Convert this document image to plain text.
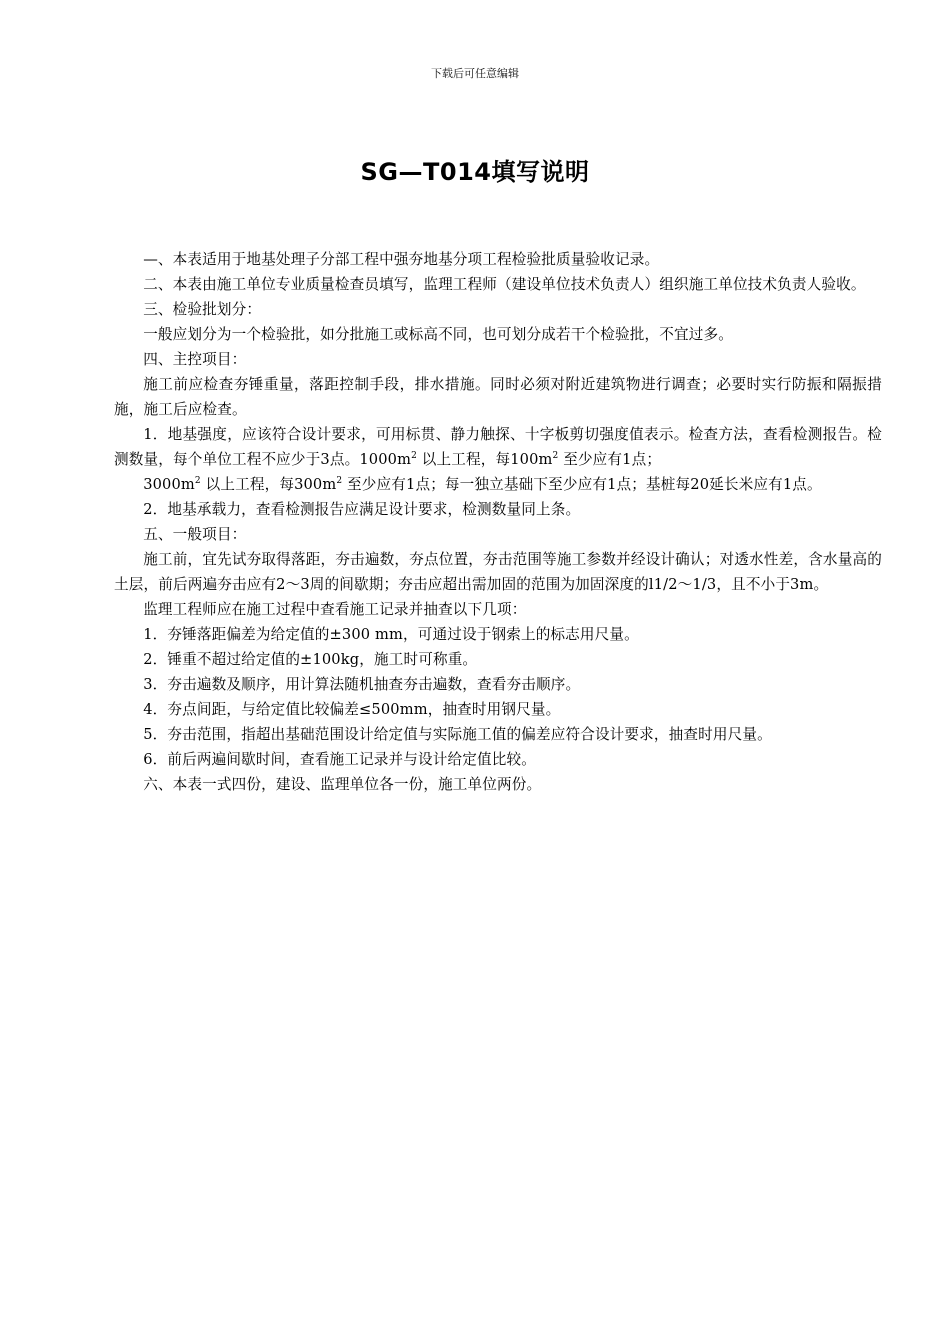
下载后可任意编辑
SG—T014填写说明

—、本表适用于地基处理子分部工程中强夯地基分项工程检验批质量验收记录。

二、本表由施工单位专业质量检查员填写，监理工程师（建设单位技术负责人）组织施工单位技术负责人验收。

三、检验批划分：

一般应划分为一个检验批，如分批施工或标高不同，也可划分成若干个检验批，不宜过多。

四、主控项目：

施工前应检查夯锤重量，落距控制手段，排水措施。同时必须对附近建筑物进行调查；必要时实行防振和隔振措施，施工后应检查。

1．地基强度，应该符合设计要求，可用标贯、静力触探、十字板剪切强度值表示。检查方法，查看检测报告。检测数量，每个单位工程不应少于3点。$1000m^2$ 以上工程，每$100m^2$ 至少应有1点；

$3000m^2$ 以上工程，每$300m^2$ 至少应有1点；每一独立基础下至少应有1点；基桩每20延长米应有1点。

2．地基承载力，查看检测报告应满足设计要求，检测数量同上条。

五、一般项目：

施工前，宜先试夯取得落距，夯击遍数，夯点位置，夯击范围等施工参数并经设计确认；对透水性差，含水量高的土层，前后两遍夯击应有2～3周的间歇期；夯击应超出需加固的范围为加固深度的l1/2～1/3，且不小于3m。

监理工程师应在施工过程中查看施工记录并抽查以下几项：

1．夯锤落距偏差为给定值的±300 mm，可通过设于钢索上的标志用尺量。

2．锤重不超过给定值的±100kg，施工时可称重。

3．夯击遍数及顺序，用计算法随机抽查夯击遍数，查看夯击顺序。

4．夯点间距，与给定值比较偏差≤500mm，抽查时用钢尺量。

5．夯击范围，指超出基础范围设计给定值与实际施工值的偏差应符合设计要求，抽查时用尺量。

6．前后两遍间歇时间，查看施工记录并与设计给定值比较。

六、本表一式四份，建设、监理单位各一份，施工单位两份。
